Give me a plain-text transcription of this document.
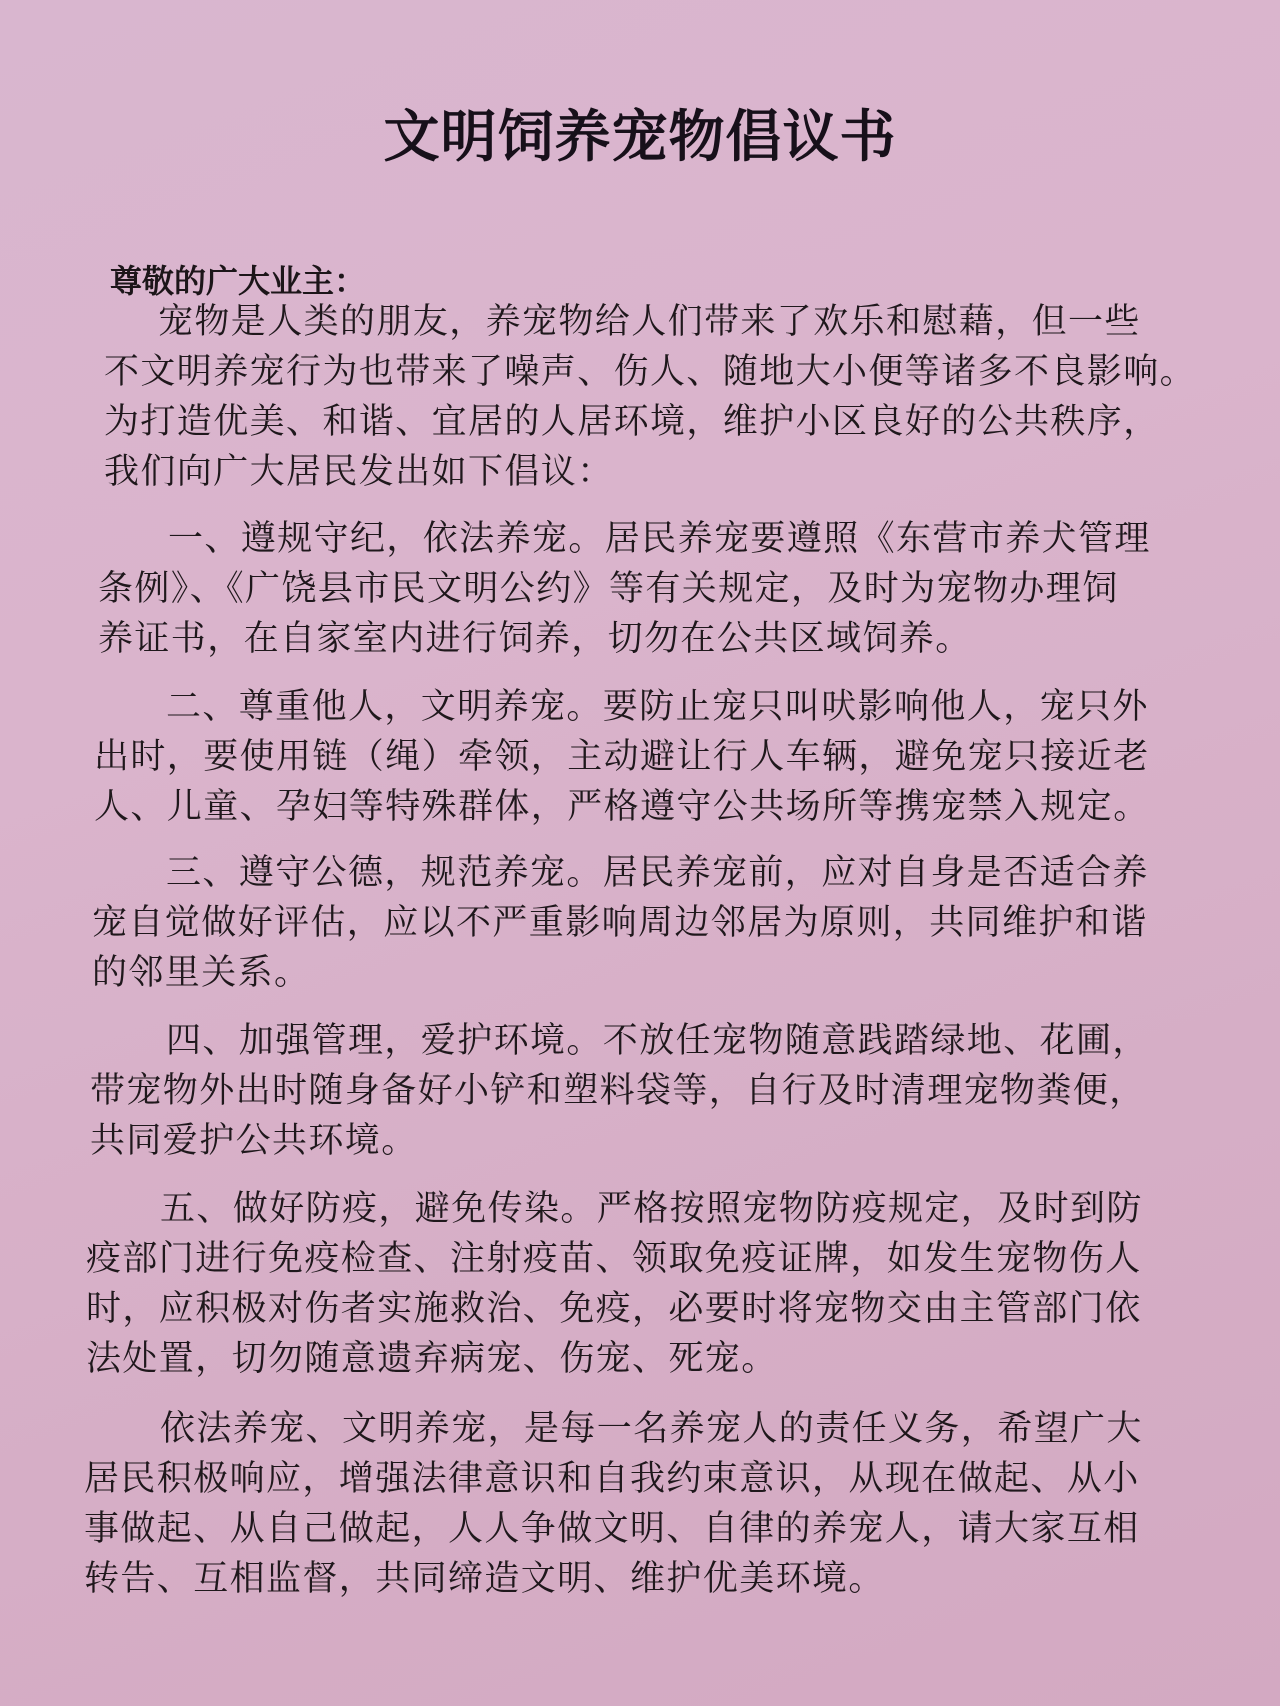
文明饲养宠物倡议书
尊敬的广大业主：
宠物是人类的朋友，养宠物给人们带来了欢乐和慰藉，但一些
不文明养宠行为也带来了噪声、伤人、随地大小便等诸多不良影响。
为打造优美、和谐、宜居的人居环境，维护小区良好的公共秩序，
我们向广大居民发出如下倡议：
一、遵规守纪，依法养宠。居民养宠要遵照《东营市养犬管理
条例》、《广饶县市民文明公约》等有关规定，及时为宠物办理饲
养证书，在自家室内进行饲养，切勿在公共区域饲养。
二、尊重他人，文明养宠。要防止宠只叫吠影响他人，宠只外
出时，要使用链（绳）牵领，主动避让行人车辆，避免宠只接近老
人、儿童、孕妇等特殊群体，严格遵守公共场所等携宠禁入规定。
三、遵守公德，规范养宠。居民养宠前，应对自身是否适合养
宠自觉做好评估，应以不严重影响周边邻居为原则，共同维护和谐
的邻里关系。
四、加强管理，爱护环境。不放任宠物随意践踏绿地、花圃，
带宠物外出时随身备好小铲和塑料袋等，自行及时清理宠物粪便，
共同爱护公共环境。
五、做好防疫，避免传染。严格按照宠物防疫规定，及时到防
疫部门进行免疫检查、注射疫苗、领取免疫证牌，如发生宠物伤人
时，应积极对伤者实施救治、免疫，必要时将宠物交由主管部门依
法处置，切勿随意遗弃病宠、伤宠、死宠。
依法养宠、文明养宠，是每一名养宠人的责任义务，希望广大
居民积极响应，增强法律意识和自我约束意识，从现在做起、从小
事做起、从自己做起，人人争做文明、自律的养宠人，请大家互相
转告、互相监督，共同缔造文明、维护优美环境。
